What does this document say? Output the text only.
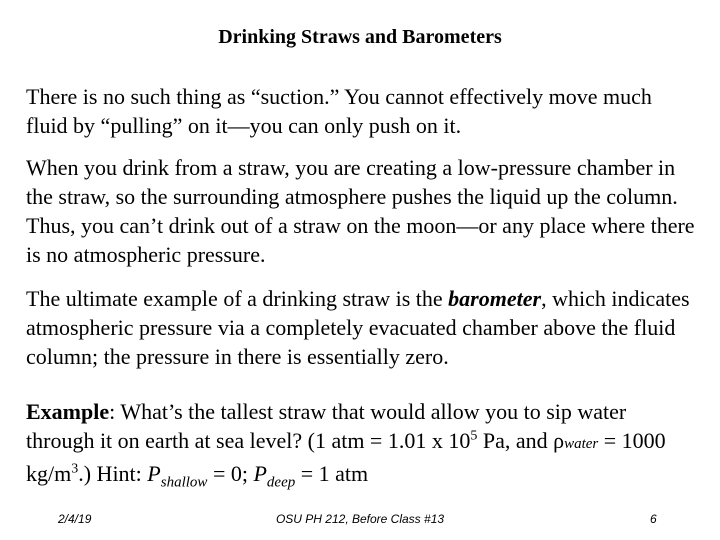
Drinking Straws and Barometers

There is no such thing as “suction.” You cannot effectively move much fluid by “pulling” on it—you can only push on it.

When you drink from a straw, you are creating a low-pressure chamber in the straw, so the surrounding atmosphere pushes the liquid up the column. Thus, you can’t drink out of a straw on the moon—or any place where there is no atmospheric pressure.

The ultimate example of a drinking straw is the barometer, which indicates atmospheric pressure via a completely evacuated chamber above the fluid column; the pressure in there is essentially zero.

Example: What’s the tallest straw that would allow you to sip water through it on earth at sea level? (1 atm = 1.01 x $10^5$ Pa, and ρwater = 1000 $kg/m^3$.) Hint: $P_{shallow} = 0$; $P_{deep} = 1$ atm

2/4/19	OSU PH 212, Before Class #13	6
